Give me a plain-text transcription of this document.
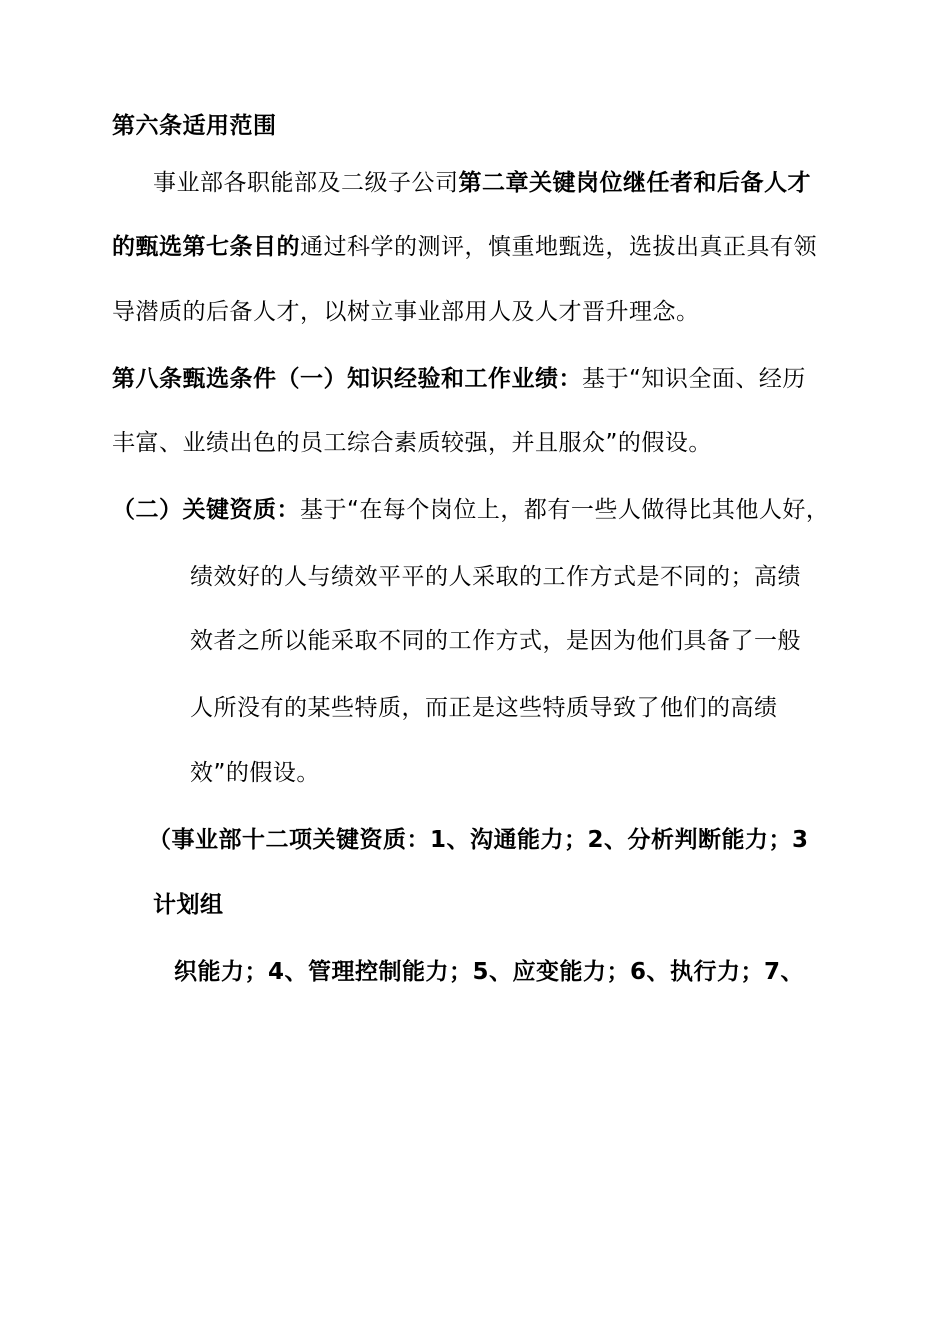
第六条适用范围
事业部各职能部及二级子公司第二章关键岗位继任者和后备人才
的甄选第七条目的通过科学的测评，慎重地甄选，选拔出真正具有领
导潜质的后备人才，以树立事业部用人及人才晋升理念。
第八条甄选条件（一）知识经验和工作业绩：基于“知识全面、经历
丰富、业绩出色的员工综合素质较强，并且服众”的假设。
（二）关键资质：基于“在每个岗位上，都有一些人做得比其他人好，
绩效好的人与绩效平平的人采取的工作方式是不同的；高绩
效者之所以能采取不同的工作方式，是因为他们具备了一般
人所没有的某些特质，而正是这些特质导致了他们的高绩
效”的假设。
（事业部十二项关键资质：1、沟通能力；2、分析判断能力；3
计划组
织能力；4、管理控制能力；5、应变能力；6、执行力；7、
